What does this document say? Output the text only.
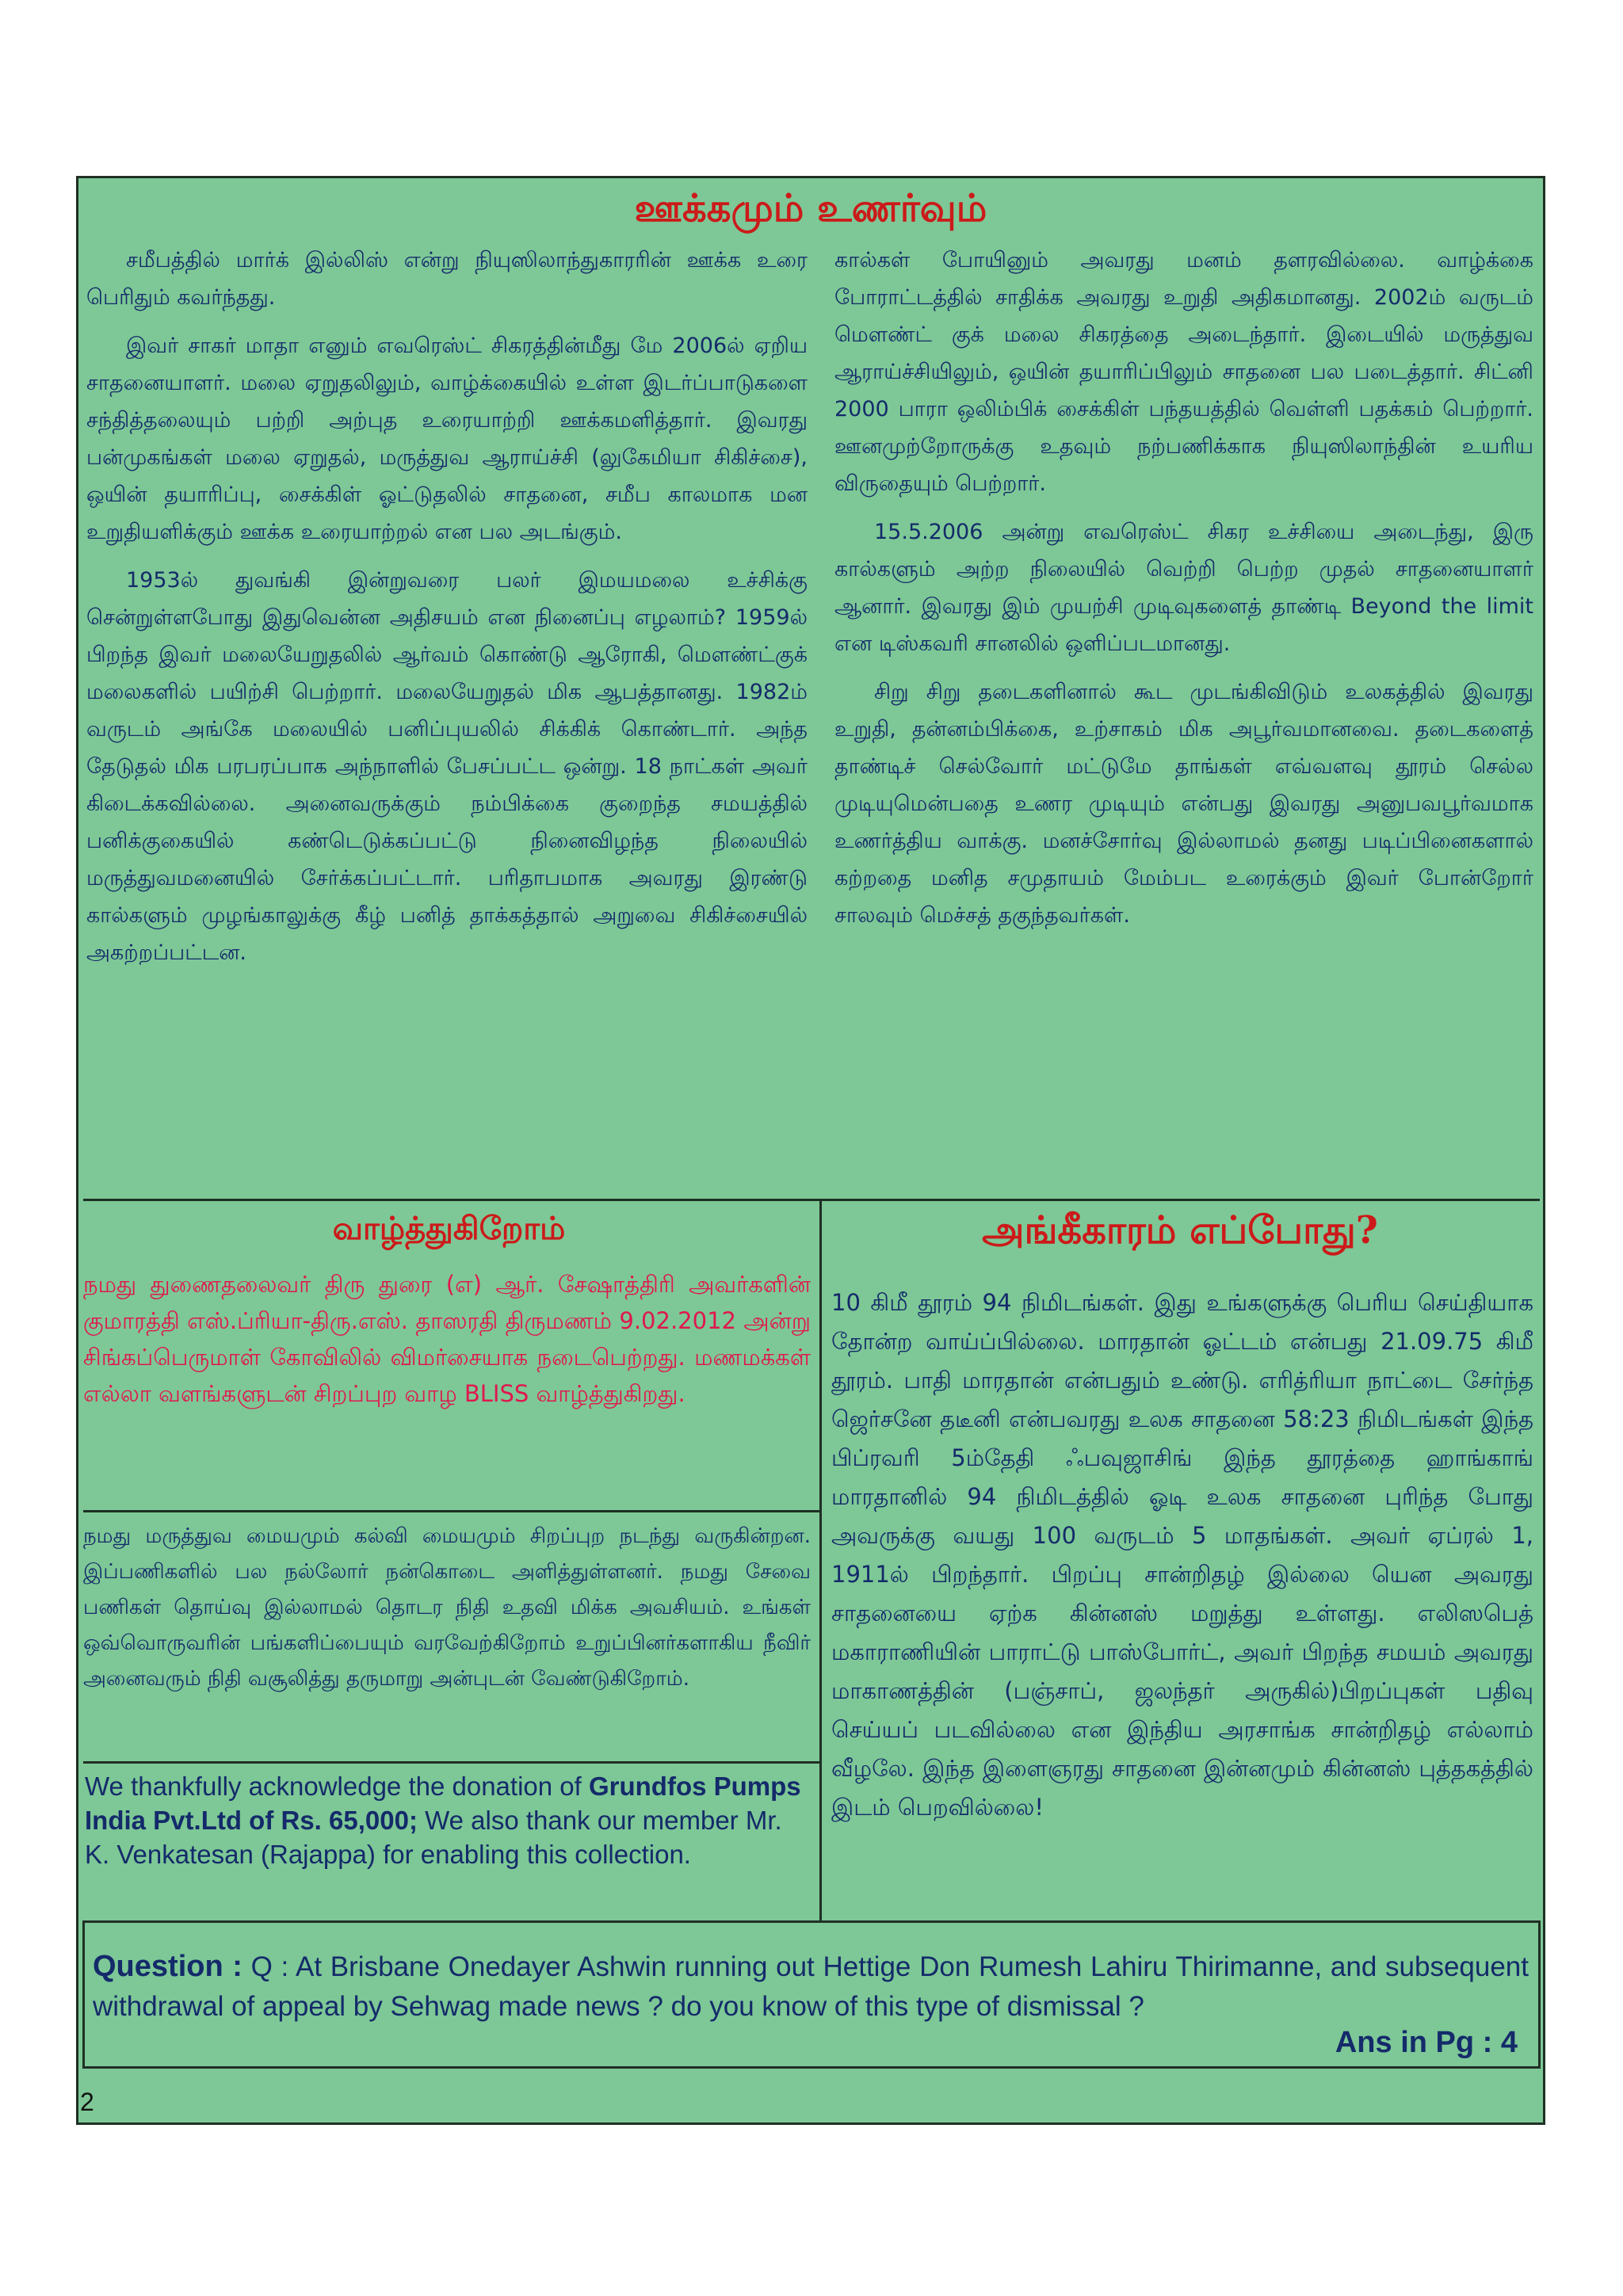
ஊக்கமும் உணர்வும்

சமீபத்தில் மார்க் இல்லிஸ் என்று நியுஸிலாந்துகாரரின் ஊக்க உரை பெரிதும் கவர்ந்தது.

இவர் சாகர் மாதா எனும் எவரெஸ்ட் சிகரத்தின்மீது மே 2006ல் ஏறிய சாதனையாளர். மலை ஏறுதலிலும், வாழ்க்கையில் உள்ள இடர்ப்பாடுகளை சந்தித்தலையும் பற்றி அற்புத உரையாற்றி ஊக்கமளித்தார். இவரது பன்முகங்கள் மலை ஏறுதல், மருத்துவ ஆராய்ச்சி (லுகேமியா சிகிச்சை), ஒயின் தயாரிப்பு, சைக்கிள் ஓட்டுதலில் சாதனை, சமீப காலமாக மன உறுதியளிக்கும் ஊக்க உரையாற்றல் என பல அடங்கும்.

1953ல் துவங்கி இன்றுவரை பலர் இமயமலை உச்சிக்கு சென்றுள்ளபோது இதுவென்ன அதிசயம் என நினைப்பு எழலாம்? 1959ல் பிறந்த இவர் மலையேறுதலில் ஆர்வம் கொண்டு ஆரோகி, மௌண்ட்குக் மலைகளில் பயிற்சி பெற்றார். மலையேறுதல் மிக ஆபத்தானது. 1982ம் வருடம் அங்கே மலையில் பனிப்புயலில் சிக்கிக் கொண்டார். அந்த தேடுதல் மிக பரபரப்பாக அந்நாளில் பேசப்பட்ட ஒன்று. 18 நாட்கள் அவர் கிடைக்கவில்லை. அனைவருக்கும் நம்பிக்கை குறைந்த சமயத்தில் பனிக்குகையில் கண்டெடுக்கப்பட்டு நினைவிழந்த நிலையில் மருத்துவமனையில் சேர்க்கப்பட்டார். பரிதாபமாக அவரது இரண்டு கால்களும் முழங்காலுக்கு கீழ் பனித் தாக்கத்தால் அறுவை சிகிச்சையில் அகற்றப்பட்டன.

கால்கள் போயினும் அவரது மனம் தளரவில்லை. வாழ்க்கை போராட்டத்தில் சாதிக்க அவரது உறுதி அதிகமானது. 2002ம் வருடம் மௌண்ட் குக் மலை சிகரத்தை அடைந்தார். இடையில் மருத்துவ ஆராய்ச்சியிலும், ஒயின் தயாரிப்பிலும் சாதனை பல படைத்தார். சிட்னி 2000 பாரா ஒலிம்பிக் சைக்கிள் பந்தயத்தில் வெள்ளி பதக்கம் பெற்றார். ஊனமுற்றோருக்கு உதவும் நற்பணிக்காக நியுஸிலாந்தின் உயரிய விருதையும் பெற்றார்.

15.5.2006 அன்று எவரெஸ்ட் சிகர உச்சியை அடைந்து, இரு கால்களும் அற்ற நிலையில் வெற்றி பெற்ற முதல் சாதனையாளர் ஆனார். இவரது இம் முயற்சி முடிவுகளைத் தாண்டி Beyond the limit என டிஸ்கவரி சானலில் ஒளிப்படமானது.

சிறு சிறு தடைகளினால் கூட முடங்கிவிடும் உலகத்தில் இவரது உறுதி, தன்னம்பிக்கை, உற்சாகம் மிக அபூர்வமானவை. தடைகளைத் தாண்டிச் செல்வோர் மட்டுமே தாங்கள் எவ்வளவு தூரம் செல்ல முடியுமென்பதை உணர முடியும் என்பது இவரது அனுபவபூர்வமாக உணர்த்திய வாக்கு. மனச்சோர்வு இல்லாமல் தனது படிப்பினைகளால் கற்றதை மனித சமுதாயம் மேம்பட உரைக்கும் இவர் போன்றோர் சாலவும் மெச்சத் தகுந்தவர்கள்.

வாழ்த்துகிறோம்

நமது துணைதலைவர் திரு துரை (எ) ஆர். சேஷாத்திரி அவர்களின் குமாரத்தி எஸ்.ப்ரியா-திரு.எஸ். தாஸரதி திருமணம் 9.02.2012 அன்று சிங்கப்பெருமாள் கோவிலில் விமர்சையாக நடைபெற்றது. மணமக்கள் எல்லா வளங்களுடன் சிறப்புற வாழ BLISS வாழ்த்துகிறது.

நமது மருத்துவ மையமும் கல்வி மையமும் சிறப்புற நடந்து வருகின்றன. இப்பணிகளில் பல நல்லோர் நன்கொடை அளித்துள்ளனர். நமது சேவை பணிகள் தொய்வு இல்லாமல் தொடர நிதி உதவி மிக்க அவசியம். உங்கள் ஒவ்வொருவரின் பங்களிப்பையும் வரவேற்கிறோம் உறுப்பினர்களாகிய நீவிர் அனைவரும் நிதி வசூலித்து தருமாறு அன்புடன் வேண்டுகிறோம்.

We thankfully acknowledge the donation of Grundfos Pumps India Pvt.Ltd of Rs. 65,000; We also thank our member Mr. K. Venkatesan (Rajappa) for enabling this collection.

அங்கீகாரம் எப்போது?

10 கிமீ தூரம் 94 நிமிடங்கள். இது உங்களுக்கு பெரிய செய்தியாக தோன்ற வாய்ப்பில்லை. மாரதான் ஓட்டம் என்பது 21.09.75 கிமீ தூரம். பாதி மாரதான் என்பதும் உண்டு. எரித்ரியா நாட்டை சேர்ந்த ஜெர்சனே தடீனி என்பவரது உலக சாதனை 58:23 நிமிடங்கள் இந்த பிப்ரவரி 5ம்தேதி ஃபவுஜாசிங் இந்த தூரத்தை ஹாங்காங் மாரதானில் 94 நிமிடத்தில் ஓடி உலக சாதனை புரிந்த போது அவருக்கு வயது 100 வருடம் 5 மாதங்கள். அவர் ஏப்ரல் 1, 1911ல் பிறந்தார். பிறப்பு சான்றிதழ் இல்லை யென அவரது சாதனையை ஏற்க கின்னஸ் மறுத்து உள்ளது. எலிஸபெத் மகாராணியின் பாராட்டு பாஸ்போர்ட், அவர் பிறந்த சமயம் அவரது மாகாணத்தின் (பஞ்சாப், ஜலந்தர் அருகில்)பிறப்புகள் பதிவு செய்யப் படவில்லை என இந்திய அரசாங்க சான்றிதழ் எல்லாம் வீழலே. இந்த இளைஞரது சாதனை இன்னமும் கின்னஸ் புத்தகத்தில் இடம் பெறவில்லை!

Question : Q : At Brisbane Onedayer Ashwin running out Hettige Don Rumesh Lahiru Thirimanne, and subsequent withdrawal of appeal by Sehwag made news ? do you know of this type of dismissal ?
Ans in Pg : 4
2
